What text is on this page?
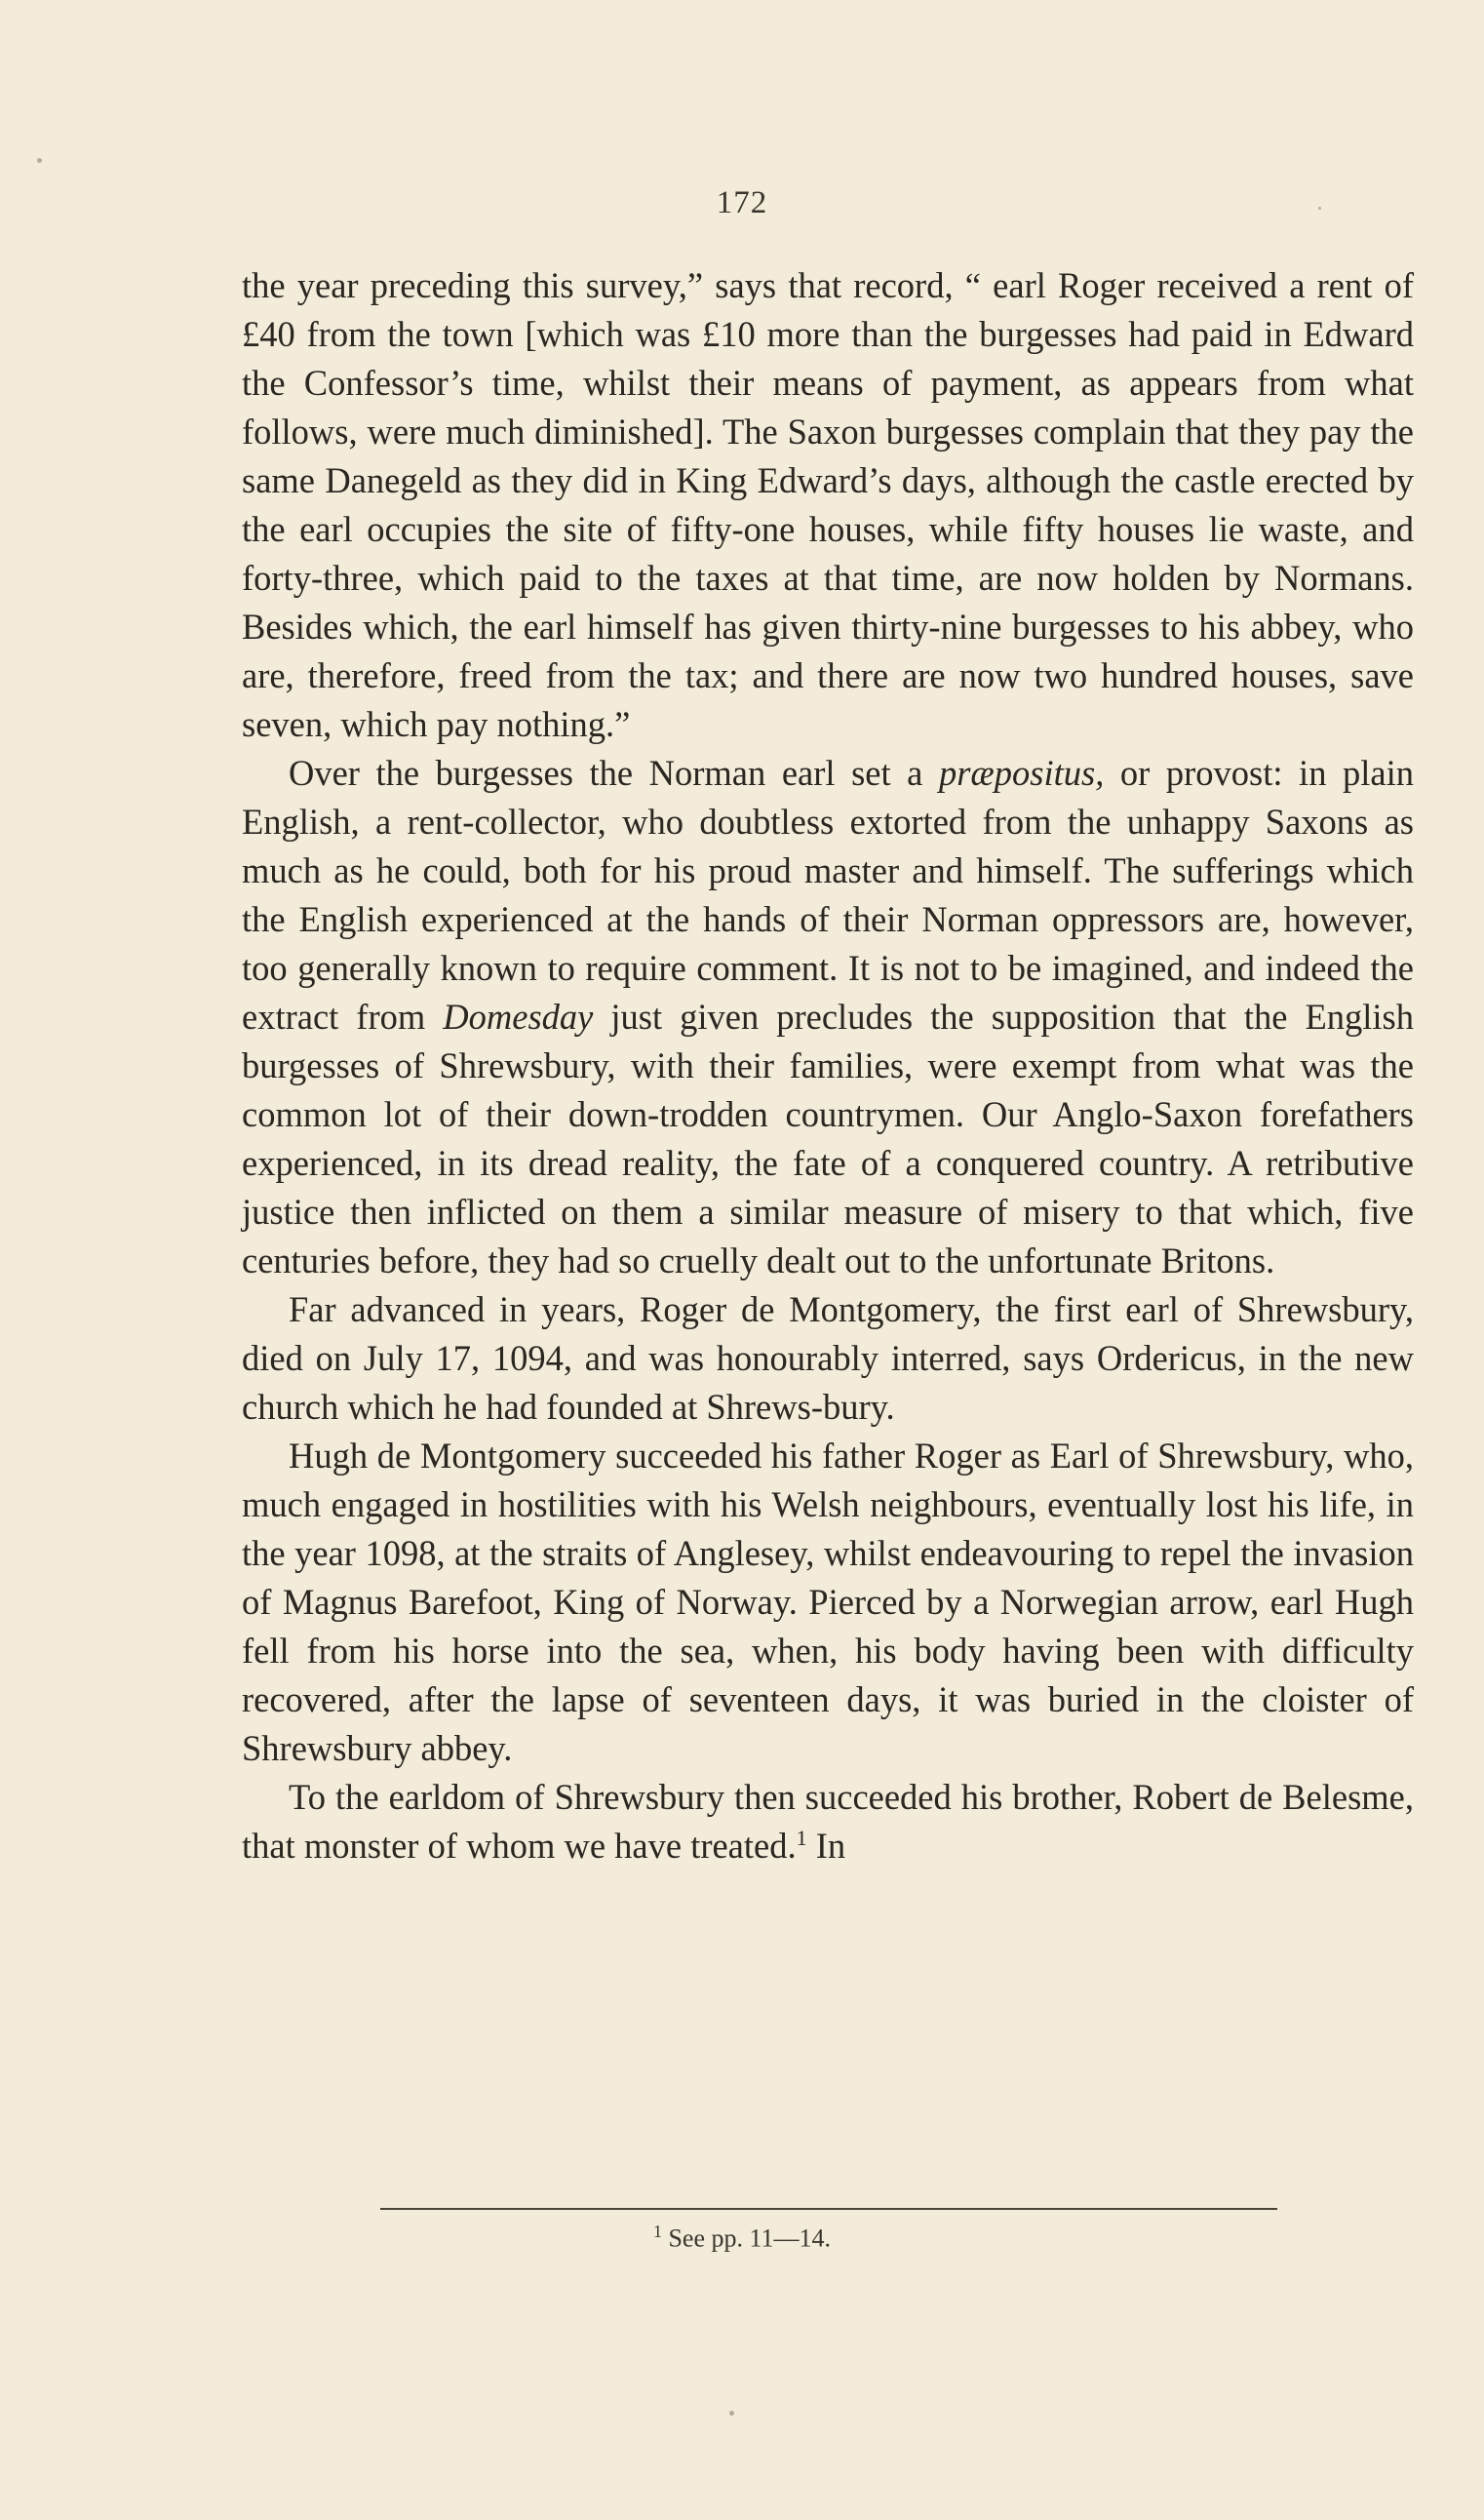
172

the year preceding this survey,” says that record, “ earl Roger received a rent of £40 from the town [which was £10 more than the burgesses had paid in Edward the Confessor’s time, whilst their means of payment, as appears from what follows, were much diminished]. The Saxon burgesses complain that they pay the same Danegeld as they did in King Edward’s days, although the castle erected by the earl occupies the site of fifty-one houses, while fifty houses lie waste, and forty-three, which paid to the taxes at that time, are now holden by Normans. Besides which, the earl himself has given thirty-nine burgesses to his abbey, who are, therefore, freed from the tax; and there are now two hundred houses, save seven, which pay nothing.”

Over the burgesses the Norman earl set a præpositus, or provost: in plain English, a rent-collector, who doubtless extorted from the unhappy Saxons as much as he could, both for his proud master and himself. The sufferings which the English experienced at the hands of their Norman oppressors are, however, too generally known to require comment. It is not to be imagined, and indeed the extract from Domesday just given precludes the supposition that the English burgesses of Shrewsbury, with their families, were exempt from what was the common lot of their down-trodden countrymen. Our Anglo-Saxon forefathers experienced, in its dread reality, the fate of a conquered country. A retributive justice then inflicted on them a similar measure of misery to that which, five centuries before, they had so cruelly dealt out to the unfortunate Britons.

Far advanced in years, Roger de Montgomery, the first earl of Shrewsbury, died on July 17, 1094, and was honourably interred, says Ordericus, in the new church which he had founded at Shrews-bury.

Hugh de Montgomery succeeded his father Roger as Earl of Shrewsbury, who, much engaged in hostilities with his Welsh neighbours, eventually lost his life, in the year 1098, at the straits of Anglesey, whilst endeavouring to repel the invasion of Magnus Barefoot, King of Norway. Pierced by a Norwegian arrow, earl Hugh fell from his horse into the sea, when, his body having been with difficulty recovered, after the lapse of seventeen days, it was buried in the cloister of Shrewsbury abbey.

To the earldom of Shrewsbury then succeeded his brother, Robert de Belesme, that monster of whom we have treated.$^1$ In

$^1$ See pp. 11—14.
